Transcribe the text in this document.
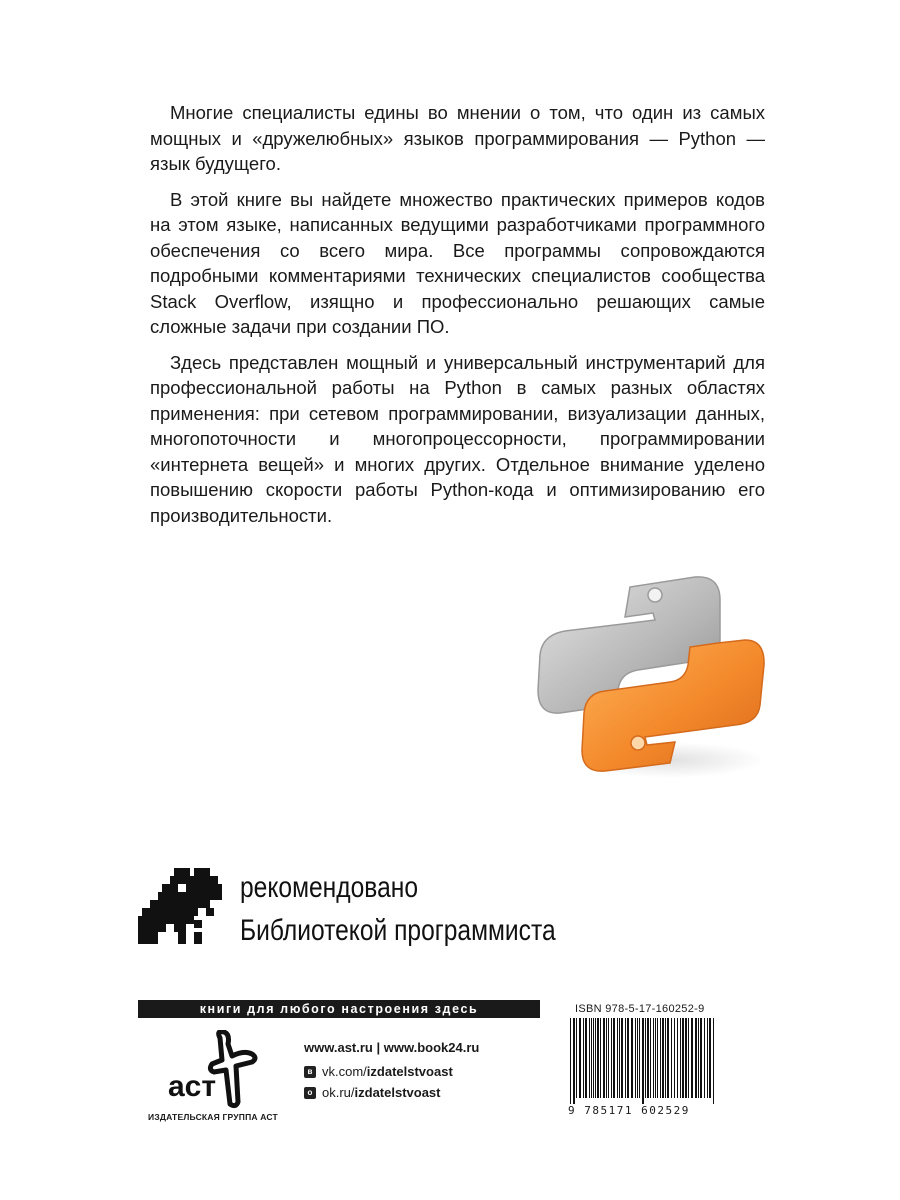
Многие специалисты едины во мнении о том, что один из самых мощных и «дружелюбных» языков программирования — Python — язык будущего.

В этой книге вы найдете множество практических примеров кодов на этом языке, написанных ведущими разработчиками программного обеспечения со всего мира. Все программы сопровождаются подробными комментариями технических специалистов сообщества Stack Overflow, изящно и профессионально решающих самые сложные задачи при создании ПО.

Здесь представлен мощный и универсальный инструментарий для профессиональной работы на Python в самых разных областях применения: при сетевом программировании, визуализации данных, многопоточности и многопроцессорности, программировании «интернета вещей» и многих других. Отдельное внимание уделено повышению скорости работы Python-кода и оптимизированию его производительности.

рекомендовано
Библиотекой программиста
книги для любого настроения здесь
аст
ИЗДАТЕЛЬСКАЯ ГРУППА АСТ
www.ast.ru | www.book24.ru
в vk.com/ izdatelstvoast
о ok.ru/ izdatelstvoast
ISBN 978-5-17-160252-9
9 785171 602529
